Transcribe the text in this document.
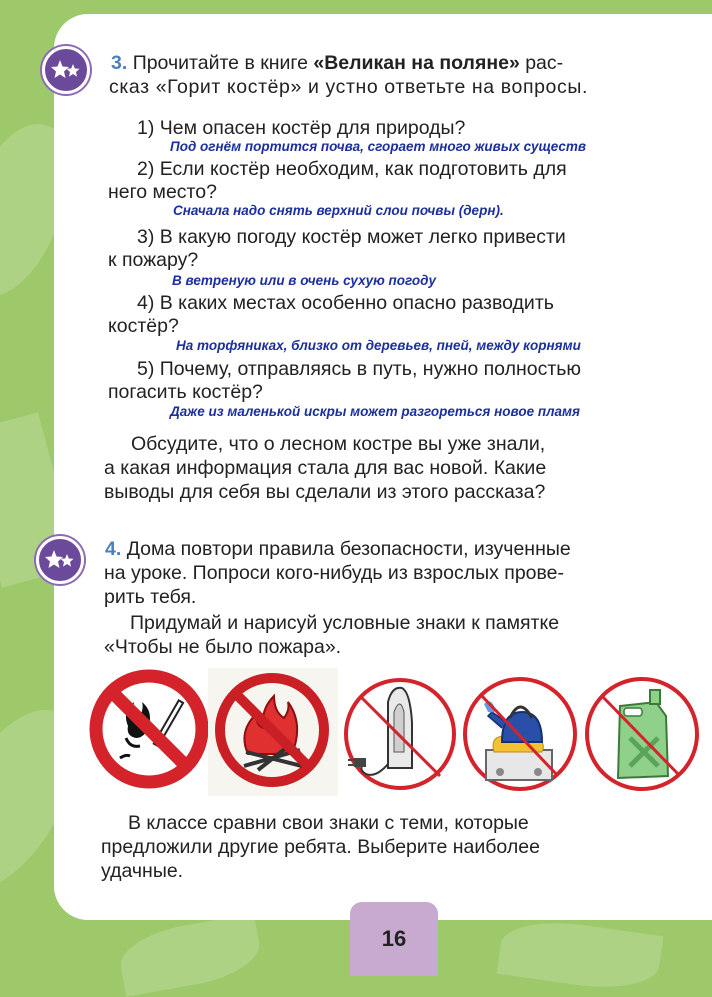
3. Прочитайте в книге «Великан на поляне» рас-
сказ «Горит костёр» и устно ответьте на вопросы.
1) Чем опасен костёр для природы?
Под огнём портится почва, сгорает много живых существ
2) Если костёр необходим, как подготовить для
него место?
Сначала надо снять верхний слои почвы (дерн).
3) В какую погоду костёр может легко привести
к пожару?
В ветреную или в очень сухую погоду
4) В каких местах особенно опасно разводить
костёр?
На торфяниках, близко от деревьев, пней, между корнями
5) Почему, отправляясь в путь, нужно полностью
погасить костёр?
Даже из маленькой искры может разгореться новое пламя
Обсудите, что о лесном костре вы уже знали,
а какая информация стала для вас новой. Какие
выводы для себя вы сделали из этого рассказа?
4. Дома повтори правила безопасности, изученные
на уроке. Попроси кого-нибудь из взрослых прове-
рить тебя.
Придумай и нарисуй условные знаки к памятке
«Чтобы не было пожара».
В классе сравни свои знаки с теми, которые
предложили другие ребята. Выберите наиболее
удачные.
16
